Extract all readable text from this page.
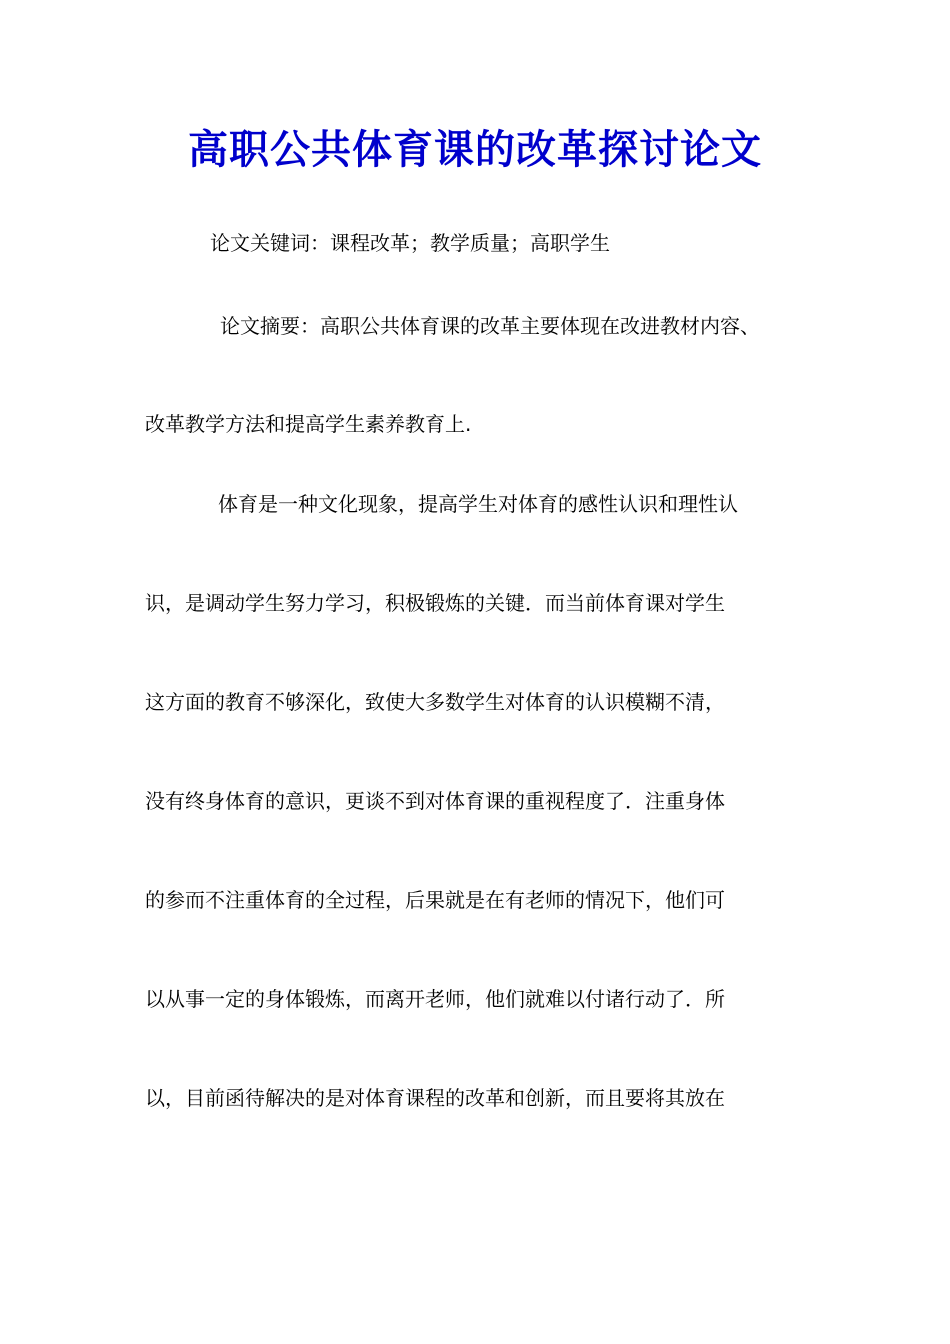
高职公共体育课的改革探讨论文

论文关键词：课程改革；教学质量；高职学生

论文摘要：高职公共体育课的改革主要体现在改进教材内容、
改革教学方法和提高学生素养教育上.

体育是一种文化现象，提高学生对体育的感性认识和理性认
识，是调动学生努力学习，积极锻炼的关键．而当前体育课对学生
这方面的教育不够深化，致使大多数学生对体育的认识模糊不清，
没有终身体育的意识，更谈不到对体育课的重视程度了．注重身体
的参而不注重体育的全过程，后果就是在有老师的情况下，他们可
以从事一定的身体锻炼，而离开老师，他们就难以付诸行动了．所
以，目前函待解决的是对体育课程的改革和创新，而且要将其放在
